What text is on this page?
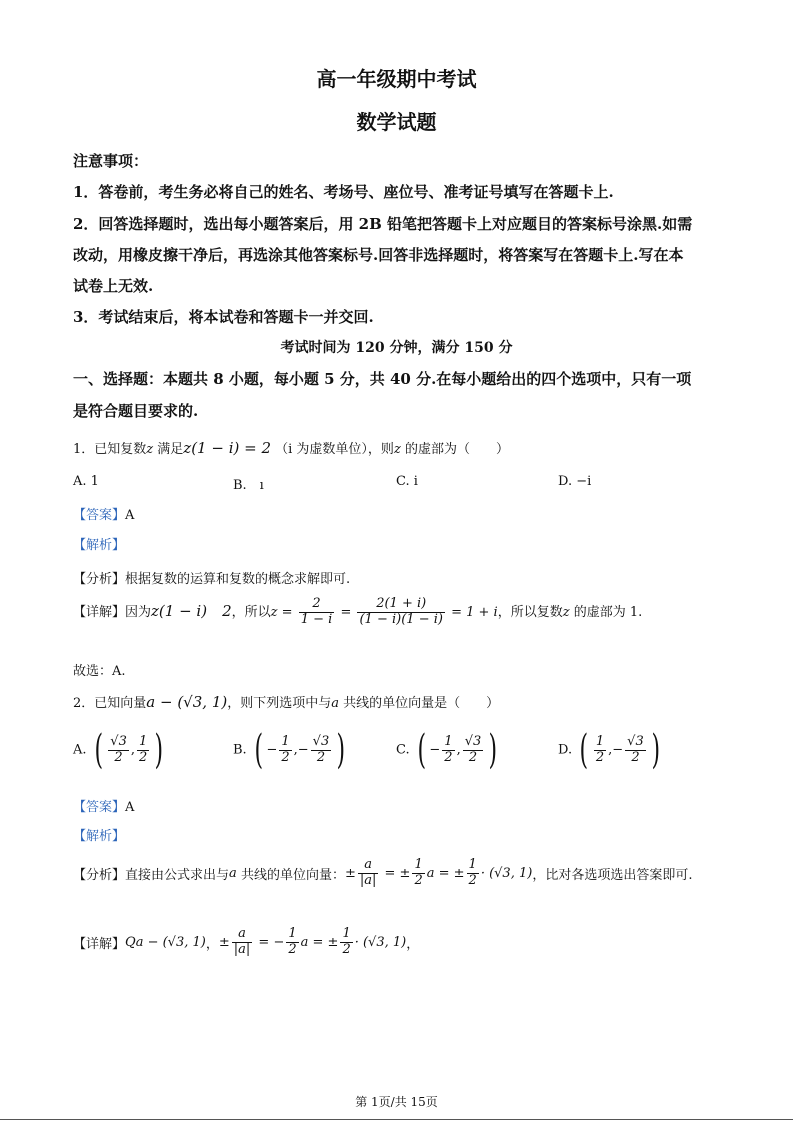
高一年级期中考试
数学试题
注意事项：
1．答卷前，考生务必将自己的姓名、考场号、座位号、准考证号填写在答题卡上.
2．回答选择题时，选出每小题答案后，用 2B 铅笔把答题卡上对应题目的答案标号涂黑.如需
改动，用橡皮擦干净后，再选涂其他答案标号.回答非选择题时，将答案写在答题卡上.写在本
试卷上无效.
3．考试结束后，将本试卷和答题卡一并交回.
考试时间为 120 分钟，满分 150 分
一、选择题：本题共 8 小题，每小题 5 分，共 40 分.在每小题给出的四个选项中，只有一项
是符合题目要求的.
1．已知复数z 满足z(1 − i) = 2 （i 为虚数单位），则z 的虚部为（　　）
A. 1	B.　ı	C. i	D. −i
【答案】A
【解析】
【分析】根据复数的运算和复数的概念求解即可.
【详解】因为z(1 − i)　2，所以$z = \frac{2}{1 - i} = \frac{2(1 + i)}{(1 - i)(1 - i)} = 1 + i$，所以复数z 的虚部为 1.
故选：A.
2．已知向量a − (√3, 1)，则下列选项中与a 共线的单位向量是（　　）
A. ( $\frac{√3}{2}$ , $\frac{1}{2}$ )	B. ( − $\frac{1}{2}$ ,− $\frac{√3}{2}$ )	C. ( − $\frac{1}{2}$ , $\frac{√3}{2}$ )	D. ( $\frac{1}{2}$ ,− $\frac{√3}{2}$ )
【答案】A
【解析】
【分析】直接由公式求出与a 共线的单位向量：± $\frac{a}{|a|}$ = ± $\frac{1}{2}$ a = ± $\frac{1}{2} \cdot (√3$, 1)，比对各选项选出答案即可.
【详解】Qa − (√3, 1)，± $\frac{a}{|a|}$ = − $\frac{1}{2}$ a = ± $\frac{1}{2} \cdot (√3$, 1)，
第 1页/共 15页
